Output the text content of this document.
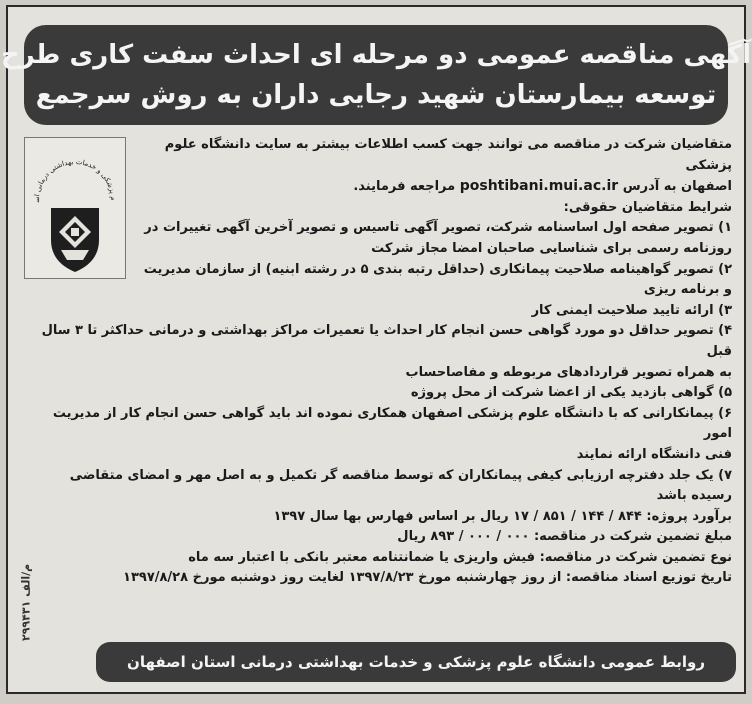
آگهی مناقصه عمومی دو مرحله ای احداث سفت کاری طرح
توسعه بیمارستان شهید رجایی داران به روش سرجمع
م پزشکی و خدمات بهداشتی درمانی اس

متقاضیان شرکت در مناقصه می توانند جهت کسب اطلاعات بیشتر به سایت دانشگاه علوم پزشکی

اصفهان به آدرس poshtibani.mui.ac.ir مراجعه فرمایند.

شرایط متقاضیان حقوقی:

۱) تصویر صفحه اول اساسنامه شرکت، تصویر آگهی تاسیس و تصویر آخرین آگهی تغییرات در

روزنامه رسمی برای شناسایی صاحبان امضا مجاز شرکت

۲) تصویر گواهینامه صلاحیت پیمانکاری (حداقل رتبه بندی ۵ در رشته ابنیه) از سازمان مدیریت

و برنامه ریزی

۳) ارائه تایید صلاحیت ایمنی کار

۴) تصویر حداقل دو مورد گواهی حسن انجام کار احداث یا تعمیرات مراکز بهداشتی و درمانی حداکثر تا ۳ سال قبل

به همراه تصویر قراردادهای مربوطه و مفاصاحساب

۵) گواهی بازدید یکی از اعضا شرکت از محل پروژه

۶) پیمانکارانی که با دانشگاه علوم پزشکی اصفهان همکاری نموده اند باید گواهی حسن انجام کار از مدیریت امور

فنی دانشگاه ارائه نمایند

۷) یک جلد دفترچه ارزیابی کیفی پیمانکاران که توسط مناقصه گر تکمیل و به اصل مهر و امضای متقاضی رسیده باشد

برآورد پروژه: ۸۴۴ / ۱۴۴ / ۸۵۱ / ۱۷ ریال بر اساس فهارس بها سال ۱۳۹۷

مبلغ تضمین شرکت در مناقصه: ۰۰۰ / ۰۰۰ / ۸۹۳ ریال

نوع تضمین شرکت در مناقصه: فیش واریزی یا ضمانتنامه معتبر بانکی با اعتبار سه ماه

تاریخ توزیع اسناد مناقصه: از روز چهارشنبه مورخ ۱۳۹۷/۸/۲۳ لغایت روز دوشنبه مورخ ۱۳۹۷/۸/۲۸

م/الف ۲۹۹۴۳۱
روابط عمومی دانشگاه علوم پزشکی و خدمات بهداشتی درمانی استان اصفهان
